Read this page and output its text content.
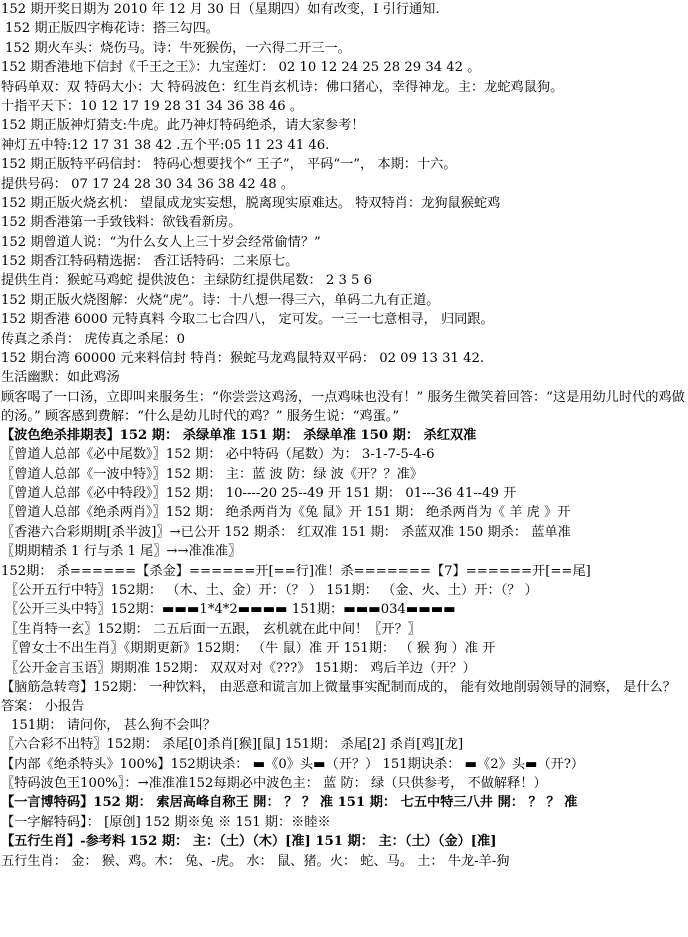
152 期开奖日期为 2010 年 12 月 30 日（星期四）如有改变，I 引行通知.
152 期正版四字梅花诗：搭三勾四。
152 期火车头：烧伤马。诗：牛死猴伤，一六得二开三一。
152 期香港地下信封《千王之王》：九宝莲灯： 02 10 12 24 25 28 29 34 42 。
特码单双：双 特码大小：大 特码波色：红生肖玄机诗：佛口猪心，幸得神龙。主：龙蛇鸡鼠狗。
十指平天下：10 12 17 19 28 31 34 36 38 46 。
152 期正版神灯猜支:牛虎。此乃神灯特码绝杀，请大家参考！
神灯五中特:12 17 31 38 42 .五个平:05 11 23 41 46.
152 期正版特平码信封： 特码心想要找个“ 王子”， 平码“一”， 本期：十六。
提供号码： 07 17 24 28 30 34 36 38 42 48 。
152 期正版火烧玄机： 望鼠成龙实妄想，脱离现实原难达。 特双特肖：龙狗鼠猴蛇鸡
152 期香港第一手致钱料：欲钱看新房。
152 期曾道人说：“为什么女人上三十岁会经常偷情？”
152 期香江特码精选据： 香江话特码：二来原七。
提供生肖：猴蛇马鸡蛇 提供波色：主绿防红提供尾数： 2 3 5 6
152 期正版火烧图解：火烧“虎”。诗：十八想一得三六，单码二九有正道。
152 期香港 6000 元特真料 今取二七合四八， 定可发。一三一七意相寻， 归同跟。
传真之杀肖： 虎传真之杀尾：0
152 期台湾 60000 元来料信封 特肖：猴蛇马龙鸡鼠特双平码： 02 09 13 31 42.
生活幽默：如此鸡汤
顾客喝了一口汤，立即叫来服务生：“你尝尝这鸡汤，一点鸡味也没有！” 服务生微笑着回答：“这是用幼儿时代的鸡做的汤。” 顾客感到费解：“什么是幼儿时代的鸡？” 服务生说：“鸡蛋。”
【波色绝杀排期表】152 期： 杀绿单准 151 期： 杀绿单准 150 期： 杀红双准
〖曾道人总部《必中尾数》〗152 期： 必中特码（尾数）为： 3-1-7-5-4-6
〖曾道人总部《一波中特》〗152 期： 主：蓝 波 防：绿 波《开？？准》
〖曾道人总部《必中特段》〗152 期： 10----20 25--49 开 151 期： 01---36 41--49 开
〖曾道人总部《绝杀两肖》〗152 期： 绝杀两肖为《兔 鼠》开 151 期： 绝杀两肖为《 羊 虎 》开
〖香港六合彩期期[杀半波]〗→已公开 152 期杀： 红双准 151 期： 杀蓝双准 150 期杀： 蓝单准
〖期期精杀 1 行与杀 1 尾〗→→准准准〗
152期： 杀======【杀金】======开[==行]准！杀=======【7】======开[==尾]
〖公开五行中特〗152期： （木、土、金）开：（？ ） 151期： （金、火、土）开：（？ ）
〖公开三头中特〗152期：▬▬▬1*4*2▬▬▬▬ 151期：▬▬▬034▬▬▬▬
〖生肖特一玄〗152期： 二五后面一五跟， 玄机就在此中间！〖开？〗
〖曾女士不出生肖〗《期期更新》152期： （牛 鼠）准 开 151期： （ 猴 狗 ）准 开
〖公开金言玉语〗期期准 152期： 双双对对《???》 151期： 鸡后羊边（开？）
【脑筋急转弯】152期： 一种饮料， 由恶意和谎言加上微量事实配制而成的， 能有效地削弱领导的洞察， 是什么？ 答案： 小报告
151期： 请问你， 甚么狗不会叫？
〖六合彩不出特〗152期： 杀尾[0]杀肖[猴][鼠] 151期： 杀尾[2] 杀肖[鸡][龙]
【内部《绝杀特头》100%】152期诀杀： ▬《0》头▬（开？） 151期诀杀： ▬《2》头▬（开?）
〖特码波色王100%〗：→准准准152每期必中波色主： 蓝 防： 绿（只供参考， 不做解释！）
【一言博特码】152 期： 索居高峰自称王 開： ？ ？ 准 151 期： 七五中特三八井 開： ？ ？ 准
【一字解特码】： [原创] 152 期※兔 ※ 151 期：※睦※
【五行生肖】-参考料 152 期： 主：（土）（木）[准] 151 期： 主：（土）（金）[准]
五行生肖： 金： 猴、鸡。木： 兔、-虎。 水： 鼠、猪。火： 蛇、马。 土： 牛龙-羊-狗
